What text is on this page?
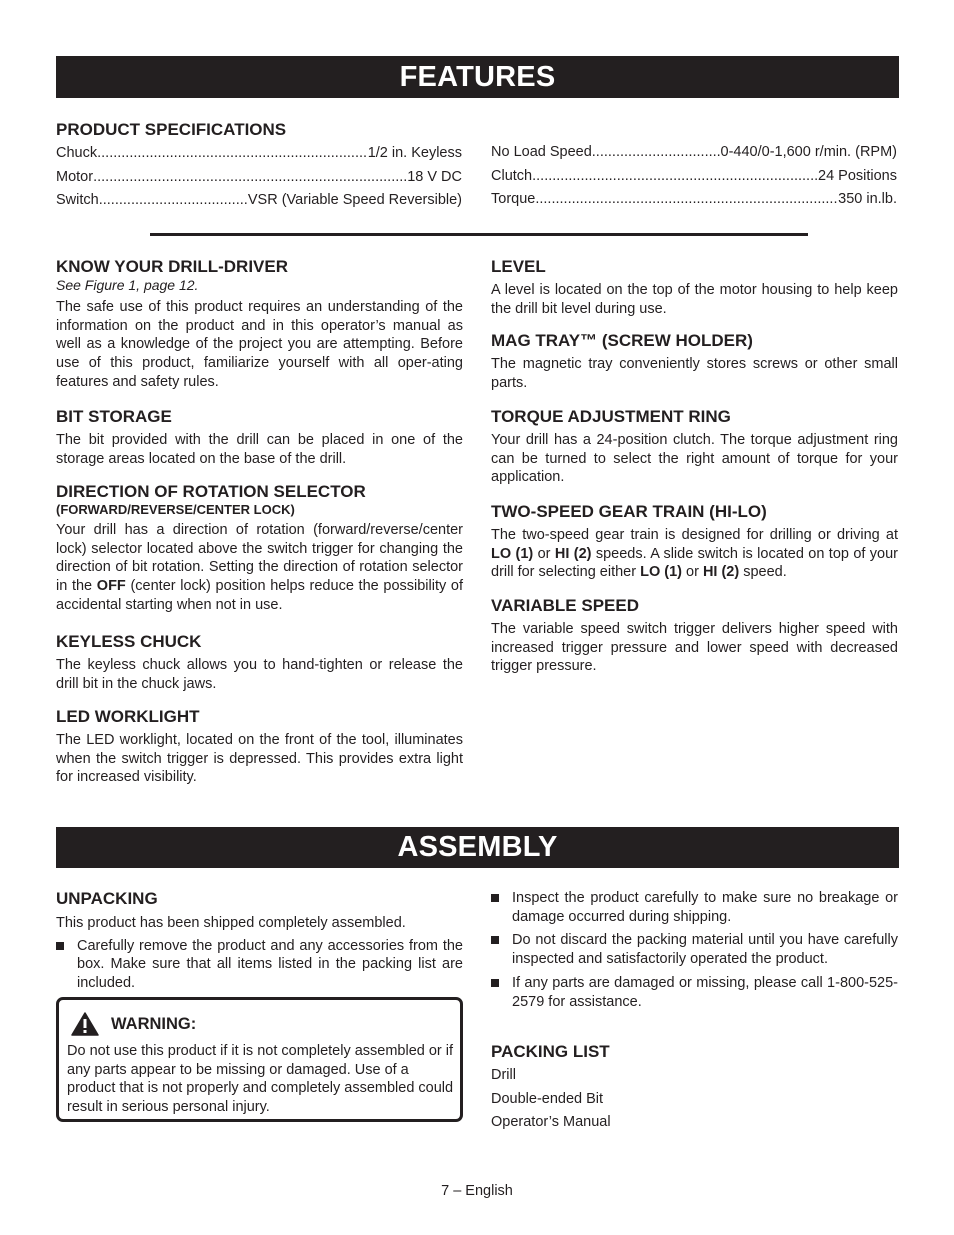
FEATURES
PRODUCT SPECIFICATIONS
Chuck .....	1/2 in. Keyless
Motor .....	18 V DC
Switch .....	VSR (Variable Speed Reversible)
No Load Speed .....	0-440/0-1,600 r/min. (RPM)
Clutch .....	24 Positions
Torque .....	350 in.lb.
KNOW YOUR DRILL-DRIVER
See Figure 1, page 12.
The safe use of this product requires an understanding of the information on the product and in this operator’s manual as well as a knowledge of the project you are attempting. Before use of this product, familiarize yourself with all oper-ating features and safety rules.
BIT STORAGE
The bit provided with the drill can be placed in one of the storage areas located on the base of the drill.
DIRECTION OF ROTATION SELECTOR
(FORWARD/REVERSE/CENTER LOCK)
Your drill has a direction of rotation (forward/reverse/center lock) selector located above the switch trigger for changing the direction of bit rotation. Setting the direction of rotation selector in the OFF (center lock) position helps reduce the possibility of accidental starting when not in use.
KEYLESS CHUCK
The keyless chuck allows you to hand-tighten or release the drill bit in the chuck jaws.
LED WORKLIGHT
The LED worklight, located on the front of the tool, illuminates when the switch trigger is depressed. This provides extra light for increased visibility.
LEVEL
A level is located on the top of the motor housing to help keep the drill bit level during use.
MAG TRAY™ (SCREW HOLDER)
The magnetic tray conveniently stores screws or other small parts.
TORQUE ADJUSTMENT RING
Your drill has a 24-position clutch. The torque adjustment ring can be turned to select the right amount of torque for your application.
TWO-SPEED GEAR TRAIN (HI-LO)
The two-speed gear train is designed for drilling or driving at LO (1) or HI (2) speeds. A slide switch is located on top of your drill for selecting either LO (1) or HI (2) speed.
VARIABLE SPEED
The variable speed switch trigger delivers higher speed with increased trigger pressure and lower speed with decreased trigger pressure.
ASSEMBLY
UNPACKING
This product has been shipped completely assembled.
Carefully remove the product and any accessories from the box. Make sure that all items listed in the packing list are included.
WARNING:
Do not use this product if it is not completely assembled or if any parts appear to be missing or damaged. Use of a product that is not properly and completely assembled could result in serious personal injury.
Inspect the product carefully to make sure no breakage or damage occurred during shipping.
Do not discard the packing material until you have carefully inspected and satisfactorily operated the product.
If any parts are damaged or missing, please call 1-800-525-2579 for assistance.
PACKING LIST
Drill
Double-ended Bit
Operator’s Manual
7 – English
